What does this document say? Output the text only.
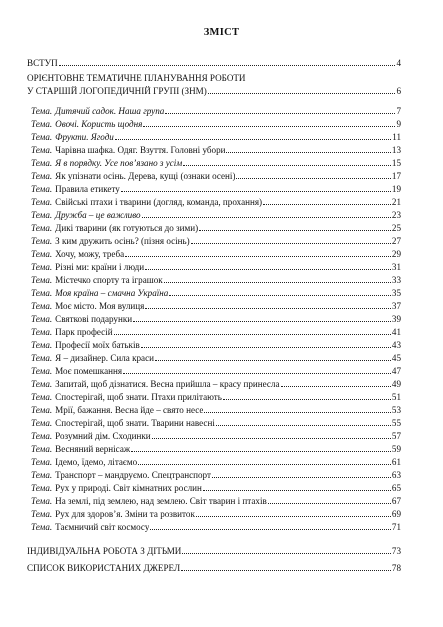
ЗМІСТ
ВСТУП	4
ОРІЄНТОВНЕ ТЕМАТИЧНЕ ПЛАНУВАННЯ РОБОТИ
У СТАРШІЙ ЛОГОПЕДИЧНІЙ ГРУПІ (ЗНМ)	6
Тема. Дитячий садок. Наша група	7
Тема. Овочі. Користь щодня	9
Тема. Фрукти. Ягоди	11
Тема. Чарівна шафка. Одяг. Взуття. Головні убори	13
Тема. Я в порядку. Усе пов’язано з усім	15
Тема. Як упізнати осінь. Дерева, кущі (ознаки осені)	17
Тема. Правила етикету	19
Тема. Свійські птахи і тварини (догляд, команда, прохання)	21
Тема. Дружба – це важливо	23
Тема. Дикі тварини (як готуються до зими)	25
Тема. З ким дружить осінь? (пізня осінь)	27
Тема. Хочу, можу, треба	29
Тема. Різні ми: країни і люди	31
Тема. Містечко спорту та іграшок	33
Тема. Моя країна – смачна Україна	35
Тема. Моє місто. Моя вулиця	37
Тема. Святкові подарунки	39
Тема. Парк професій	41
Тема. Професії моїх батьків	43
Тема. Я – дизайнер. Сила краси	45
Тема. Моє помешкання	47
Тема. Запитай, щоб дізнатися. Весна прийшла – красу принесла	49
Тема. Спостерігай, щоб знати. Птахи прилітають	51
Тема. Мрії, бажання. Весна йде – свято несе	53
Тема. Спостерігай, щоб знати. Тварини навесні	55
Тема. Розумний дім. Сходинки	57
Тема. Весняний вернісаж	59
Тема. Ідемо, їдемо, літаємо	61
Тема. Транспорт – мандруємо. Спецтранспорт	63
Тема. Рух у природі. Світ кімнатних рослин	65
Тема. На землі, під землею, над землею. Світ тварин і птахів	67
Тема. Рух для здоров’я. Зміни та розвиток	69
Тема. Таємничий світ космосу	71
ІНДИВІДУАЛЬНА РОБОТА З ДІТЬМИ	73
СПИСОК ВИКОРИСТАНИХ ДЖЕРЕЛ	78
